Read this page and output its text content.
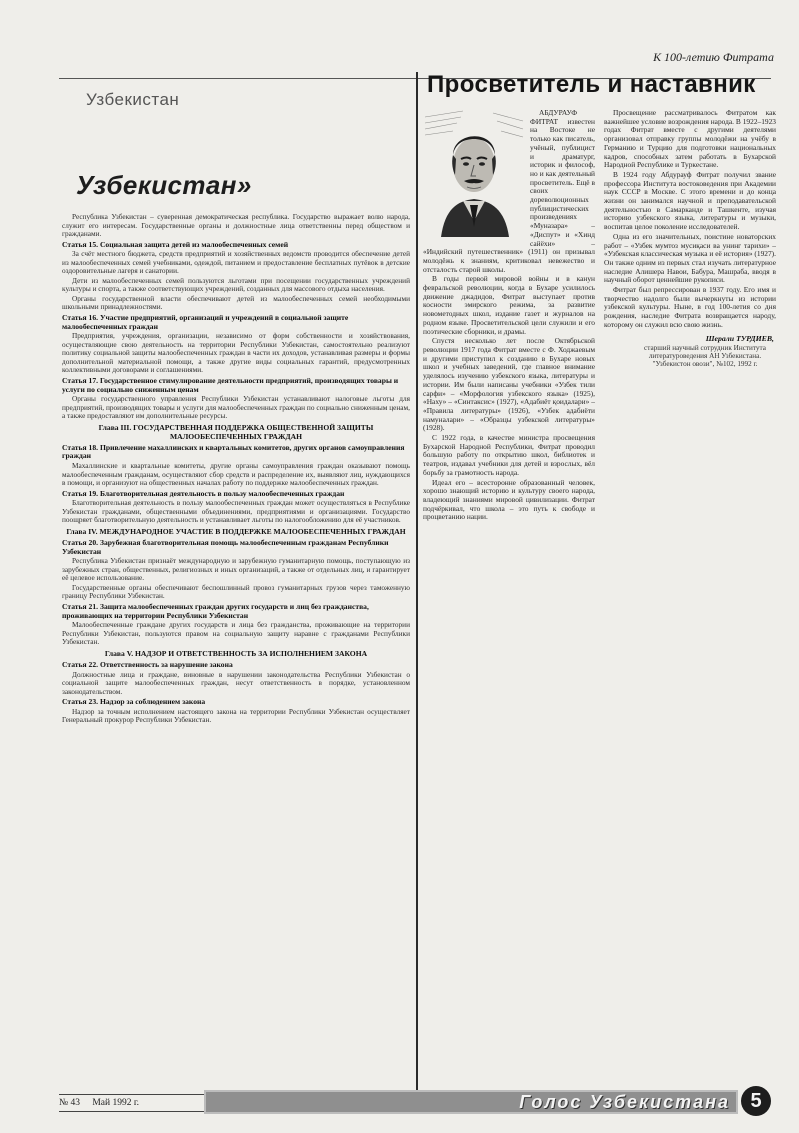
Узбекистан
Узбекистан»

Республика Узбекистан – суверенная демократическая республика. Государство выражает волю народа, служит его интересам. Государственные органы и должностные лица ответственны перед обществом и гражданами.

Статья 15. Социальная защита детей из малообеспеченных семей

За счёт местного бюджета, средств предприятий и хозяйственных ведомств проводится обеспечение детей из малообеспеченных семей учебниками, одеждой, питанием и предоставление бесплатных путёвок в детские оздоровительные лагеря и санатории.

Дети из малообеспеченных семей пользуются льготами при посещении государственных учреждений культуры и спорта, а также соответствующих учреждений, созданных для массового отдыха населения.

Органы государственной власти обеспечивают детей из малообеспеченных семей необходимыми школьными принадлежностями.

Статья 16. Участие предприятий, организаций и учреждений в социальной защите малообеспеченных граждан

Предприятия, учреждения, организации, независимо от форм собственности и хозяйствования, осуществляющие свою деятельность на территории Республики Узбекистан, самостоятельно реализуют политику социальной защиты малообеспеченных граждан в части их доходов, устанавливая размеры и формы дополнительной материальной помощи, а также другие виды социальных гарантий, предусмотренных коллективными договорами и соглашениями.

Статья 17. Государственное стимулирование деятельности предприятий, производящих товары и услуги по социально сниженным ценам

Органы государственного управления Республики Узбекистан устанавливают налоговые льготы для предприятий, производящих товары и услуги для малообеспеченных граждан по социально сниженным ценам, а также предоставляют им дополнительные ресурсы.

Глава III. ГОСУДАРСТВЕННАЯ ПОДДЕРЖКА ОБЩЕСТВЕННОЙ ЗАЩИТЫ МАЛООБЕСПЕЧЕННЫХ ГРАЖДАН
Статья 18. Привлечение махаллинских и квартальных комитетов, других органов самоуправления граждан

Махаллинские и квартальные комитеты, другие органы самоуправления граждан оказывают помощь малообеспеченным гражданам, осуществляют сбор средств и распределение их, выявляют лиц, нуждающихся в помощи, и организуют на общественных началах работу по поддержке малообеспеченных граждан.

Статья 19. Благотворительная деятельность в пользу малообеспеченных граждан

Благотворительная деятельность в пользу малообеспеченных граждан может осуществляться в Республике Узбекистан гражданами, общественными объединениями, предприятиями и организациями. Государство поощряет благотворительную деятельность и устанавливает льготы по налогообложению для её участников.

Глава IV. МЕЖДУНАРОДНОЕ УЧАСТИЕ В ПОДДЕРЖКЕ МАЛООБЕСПЕЧЕННЫХ ГРАЖДАН
Статья 20. Зарубежная благотворительная помощь малообеспеченным гражданам Республики Узбекистан

Республика Узбекистан признаёт международную и зарубежную гуманитарную помощь, поступающую из зарубежных стран, общественных, религиозных и иных организаций, а также от отдельных лиц, и гарантирует её целевое использование.

Государственные органы обеспечивают беспошлинный провоз гуманитарных грузов через таможенную границу Республики Узбекистан.

Статья 21. Защита малообеспеченных граждан других государств и лиц без гражданства, проживающих на территории Республики Узбекистан

Малообеспеченные граждане других государств и лица без гражданства, проживающие на территории Республики Узбекистан, пользуются правом на социальную защиту наравне с гражданами Республики Узбекистан.

Глава V. НАДЗОР И ОТВЕТСТВЕННОСТЬ ЗА ИСПОЛНЕНИЕМ ЗАКОНА
Статья 22. Ответственность за нарушение закона

Должностные лица и граждане, виновные в нарушении законодательства Республики Узбекистан о социальной защите малообеспеченных граждан, несут ответственность в порядке, установленном законодательством.

Статья 23. Надзор за соблюдением закона

Надзор за точным исполнением настоящего закона на территории Республики Узбекистан осуществляет Генеральный прокурор Республики Узбекистан.

К 100-летию Фитрата
Просветитель и наставник

АБДУРАУФ ФИТРАТ известен на Востоке не только как писатель, учёный, публицист и драматург, историк и философ, но и как деятельный просветитель. Ещё в своих дореволюционных публицистических произведениях «Муназара» – «Диспут» и «Хинд сайёхи» – «Индийский путешественник» (1911) он призывал молодёжь к знаниям, критиковал невежество и отсталость старой школы.

В годы первой мировой войны и в канун февральской революции, когда в Бухаре усилилось движение джадидов, Фитрат выступает против косности эмирского режима, за развитие новометодных школ, издание газет и журналов на родном языке. Просветительской цели служили и его поэтические сборники, и драмы.

Спустя несколько лет после Октябрьской революции 1917 года Фитрат вместе с Ф. Ходжаевым и другими приступил к созданию в Бухаре новых школ и учебных заведений, где главное внимание уделялось изучению узбекского языка, литературы и истории. Им были написаны учебники «Узбек тили сарфи» – «Морфология узбекского языка» (1925), «Наху» – «Синтаксис» (1927), «Адабиёт қоидалари» – «Правила литературы» (1926), «Узбек адабиёти намуналари» – «Образцы узбекской литературы» (1928).

С 1922 года, в качестве министра просвещения Бухарской Народной Республики, Фитрат проводил большую работу по открытию школ, библиотек и театров, издавал учебники для детей и взрослых, вёл борьбу за грамотность народа.

Идеал его – всесторонне образованный человек, хорошо знающий историю и культуру своего народа, владеющий знаниями мировой цивилизации. Фитрат подчёркивал, что школа – это путь к свободе и процветанию нации.

Просвещение рассматривалось Фитратом как важнейшее условие возрождения народа. В 1922–1923 годах Фитрат вместе с другими деятелями организовал отправку группы молодёжи на учёбу в Германию и Турцию для подготовки национальных кадров, способных затем работать в Бухарской Народной Республике и Туркестане.

В 1924 году Абдурауф Фитрат получил звание профессора Института востоковедения при Академии наук СССР в Москве. С этого времени и до конца жизни он занимался научной и преподавательской деятельностью в Самарканде и Ташкенте, изучая историю узбекского языка, литературы и музыки, воспитав целое поколение исследователей.

Одна из его значительных, поистине новаторских работ – «Узбек мумтоз мусиқаси ва унинг тарихи» – «Узбекская классическая музыка и её история» (1927). Он также одним из первых стал изучать литературное наследие Алишера Навои, Бабура, Машраба, вводя в научный оборот ценнейшие рукописи.

Фитрат был репрессирован в 1937 году. Его имя и творчество надолго были вычеркнуты из истории узбекской культуры. Ныне, в год 100-летия со дня рождения, наследие Фитрата возвращается народу, которому он служил всю свою жизнь.

Шерали ТУРДИЕВ,
старший научный сотрудник Института литературоведения АН Узбекистана.
"Узбекистон овози", №102, 1992 г.
№ 43 Май 1992 г.	Голос Узбекистана	5
